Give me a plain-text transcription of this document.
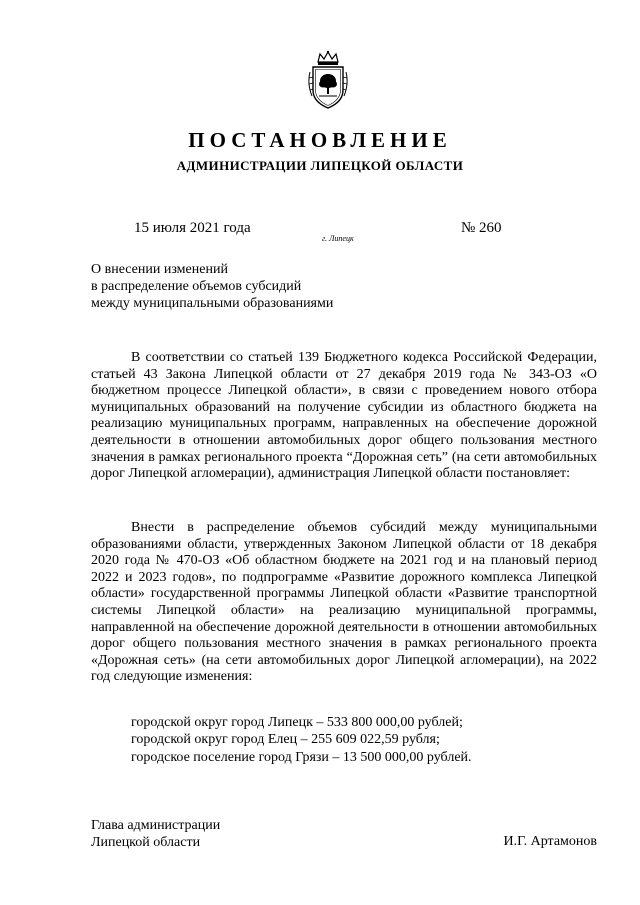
ПОСТАНОВЛЕНИЕ
АДМИНИСТРАЦИИ ЛИПЕЦКОЙ ОБЛАСТИ
15 июля 2021 года
г. Липецк
№ 260
О внесении изменений
в распределение объемов субсидий
между муниципальными образованиями
В соответствии со статьей 139 Бюджетного кодекса Российской Федерации, статьей 43 Закона Липецкой области от 27 декабря 2019 года № 343-ОЗ «О бюджетном процессе Липецкой области», в связи с проведением нового отбора муниципальных образований на получение субсидии из областного бюджета на реализацию муниципальных программ, направленных на обеспечение дорожной деятельности в отношении автомобильных дорог общего пользования местного значения в рамках регионального проекта “Дорожная сеть” (на сети автомобильных дорог Липецкой агломерации), администрация Липецкой области постановляет:
Внести в распределение объемов субсидий между муниципальными образованиями области, утвержденных Законом Липецкой области от 18 декабря 2020 года № 470-ОЗ «Об областном бюджете на 2021 год и на плановый период 2022 и 2023 годов», по подпрограмме «Развитие дорожного комплекса Липецкой области» государственной программы Липецкой области «Развитие транспортной системы Липецкой области» на реализацию муниципальной программы, направленной на обеспечение дорожной деятельности в отношении автомобильных дорог общего пользования местного значения в рамках регионального проекта «Дорожная сеть» (на сети автомобильных дорог Липецкой агломерации), на 2022 год следующие изменения:
городской округ город Липецк – 533 800 000,00 рублей;
городской округ город Елец – 255 609 022,59 рубля;
городское поселение город Грязи – 13 500 000,00 рублей.
Глава администрации
Липецкой области	И.Г. Артамонов
